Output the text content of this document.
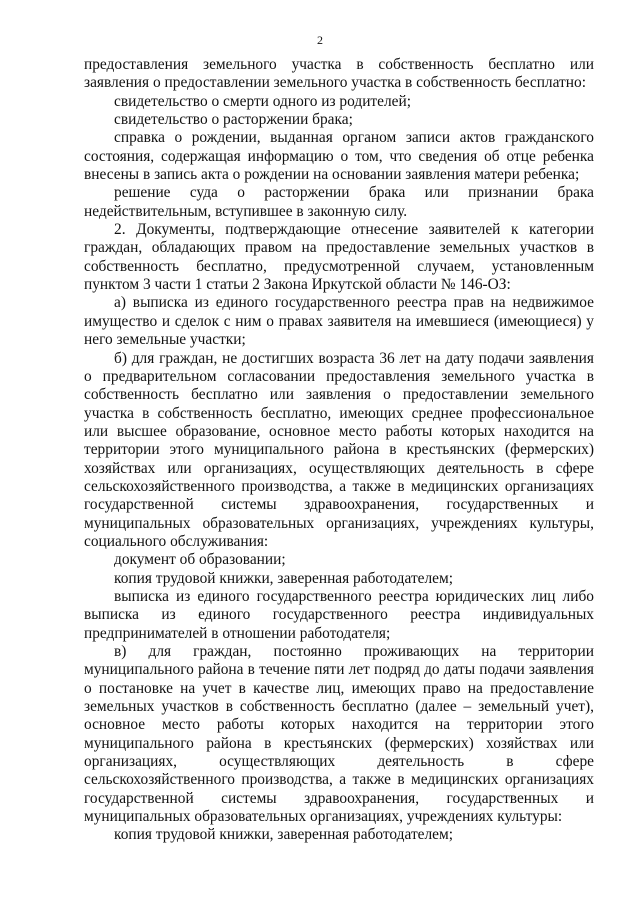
2

предоставления земельного участка в собственность бесплатно или заявления о предоставлении земельного участка в собственность бесплатно:

свидетельство о смерти одного из родителей;

свидетельство о расторжении брака;

справка о рождении, выданная органом записи актов гражданского состояния, содержащая информацию о том, что сведения об отце ребенка внесены в запись акта о рождении на основании заявления матери ребенка;

решение суда о расторжении брака или признании брака недействительным, вступившее в законную силу.

2. Документы, подтверждающие отнесение заявителей к категории граждан, обладающих правом на предоставление земельных участков в собственность бесплатно, предусмотренной случаем, установленным пунктом 3 части 1 статьи 2 Закона Иркутской области № 146-ОЗ:

а) выписка из единого государственного реестра прав на недвижимое имущество и сделок с ним о правах заявителя на имевшиеся (имеющиеся) у него земельные участки;

б) для граждан, не достигших возраста 36 лет на дату подачи заявления о предварительном согласовании предоставления земельного участка в собственность бесплатно или заявления о предоставлении земельного участка в собственность бесплатно, имеющих среднее профессиональное или высшее образование, основное место работы которых находится на территории этого муниципального района в крестьянских (фермерских) хозяйствах или организациях, осуществляющих деятельность в сфере сельскохозяйственного производства, а также в медицинских организациях государственной системы здравоохранения, государственных и муниципальных образовательных организациях, учреждениях культуры, социального обслуживания:

документ об образовании;

копия трудовой книжки, заверенная работодателем;

выписка из единого государственного реестра юридических лиц либо выписка из единого государственного реестра индивидуальных предпринимателей в отношении работодателя;

в) для граждан, постоянно проживающих на территории муниципального района в течение пяти лет подряд до даты подачи заявления о постановке на учет в качестве лиц, имеющих право на предоставление земельных участков в собственность бесплатно (далее – земельный учет), основное место работы которых находится на территории этого муниципального района в крестьянских (фермерских) хозяйствах или организациях, осуществляющих деятельность в сфере сельскохозяйственного производства, а также в медицинских организациях государственной системы здравоохранения, государственных и муниципальных образовательных организациях, учреждениях культуры:

копия трудовой книжки, заверенная работодателем;
